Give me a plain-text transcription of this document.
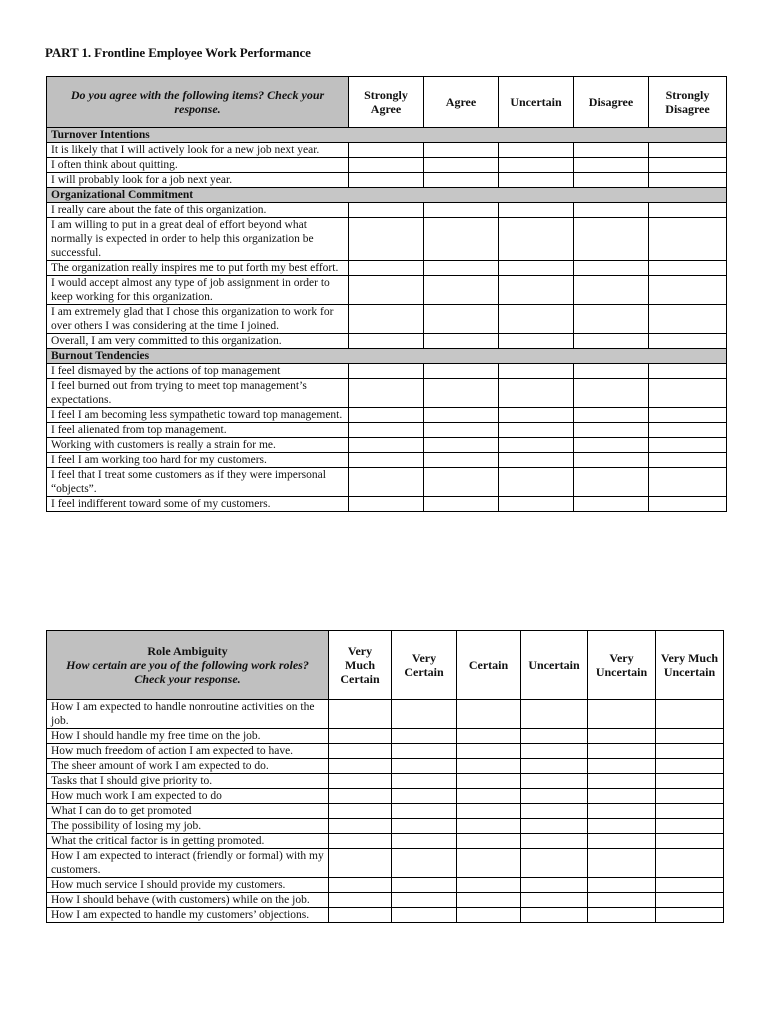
PART 1. Frontline Employee Work Performance
Do you agree with the following items? Check your response.	Strongly Agree	Agree	Uncertain	Disagree	Strongly Disagree
Turnover Intentions					
It is likely that I will actively look for a new job next year.					
I often think about quitting.					
I will probably look for a job next year.					
Organizational Commitment					
I really care about the fate of this organization.					
I am willing to put in a great deal of effort beyond what normally is expected in order to help this organization be successful.					
The organization really inspires me to put forth my best effort.					
I would accept almost any type of job assignment in order to keep working for this organization.					
I am extremely glad that I chose this organization to work for over others I was considering at the time I joined.					
Overall, I am very committed to this organization.					
Burnout Tendencies					
I feel dismayed by the actions of top management					
I feel burned out from trying to meet top management’s expectations.					
I feel I am becoming less sympathetic toward top management.					
I feel alienated from top management.					
Working with customers is really a strain for me.					
I feel I am working too hard for my customers.					
I feel that I treat some customers as if they were impersonal “objects”.					
I feel indifferent toward some of my customers.					
Role Ambiguity
How certain are you of the following work roles? Check your response.	Very Much Certain	Very Certain	Certain	Uncertain	Very Uncertain	Very Much Uncertain
How I am expected to handle nonroutine activities on the job.						
How I should handle my free time on the job.						
How much freedom of action I am expected to have.						
The sheer amount of work I am expected to do.						
Tasks that I should give priority to.						
How much work I am expected to do						
What I can do to get promoted						
The possibility of losing my job.						
What the critical factor is in getting promoted.						
How I am expected to interact (friendly or formal) with my customers.						
How much service I should provide my customers.						
How I should behave (with customers) while on the job.						
How I am expected to handle my customers’ objections.						
